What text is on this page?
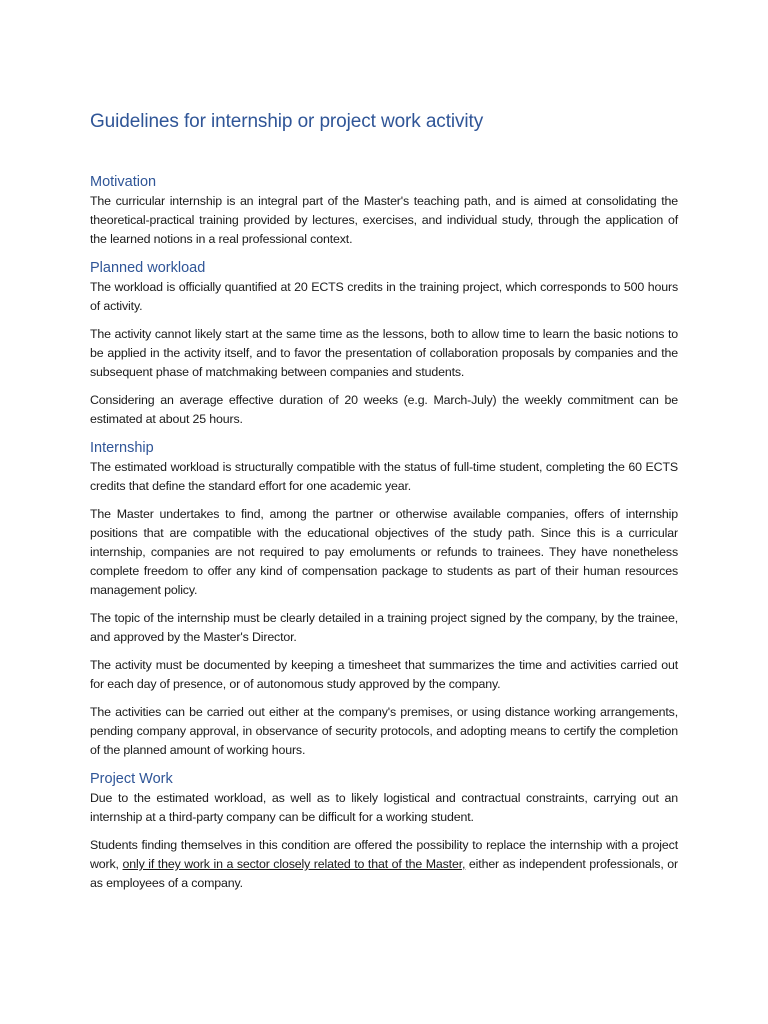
Guidelines for internship or project work activity
Motivation

The curricular internship is an integral part of the Master's teaching path, and is aimed at consolidating the theoretical-practical training provided by lectures, exercises, and individual study, through the application of the learned notions in a real professional context.

Planned workload

The workload is officially quantified at 20 ECTS credits in the training project, which corresponds to 500 hours of activity.

The activity cannot likely start at the same time as the lessons, both to allow time to learn the basic notions to be applied in the activity itself, and to favor the presentation of collaboration proposals by companies and the subsequent phase of matchmaking between companies and students.

Considering an average effective duration of 20 weeks (e.g. March-July) the weekly commitment can be estimated at about 25 hours.

Internship

The estimated workload is structurally compatible with the status of full-time student, completing the 60 ECTS credits that define the standard effort for one academic year.

The Master undertakes to find, among the partner or otherwise available companies, offers of internship positions that are compatible with the educational objectives of the study path. Since this is a curricular internship, companies are not required to pay emoluments or refunds to trainees. They have nonetheless complete freedom to offer any kind of compensation package to students as part of their human resources management policy.

The topic of the internship must be clearly detailed in a training project signed by the company, by the trainee, and approved by the Master's Director.

The activity must be documented by keeping a timesheet that summarizes the time and activities carried out for each day of presence, or of autonomous study approved by the company.

The activities can be carried out either at the company's premises, or using distance working arrangements, pending company approval, in observance of security protocols, and adopting means to certify the completion of the planned amount of working hours.

Project Work

Due to the estimated workload, as well as to likely logistical and contractual constraints, carrying out an internship at a third-party company can be difficult for a working student.

Students finding themselves in this condition are offered the possibility to replace the internship with a project work, only if they work in a sector closely related to that of the Master, either as independent professionals, or as employees of a company.
